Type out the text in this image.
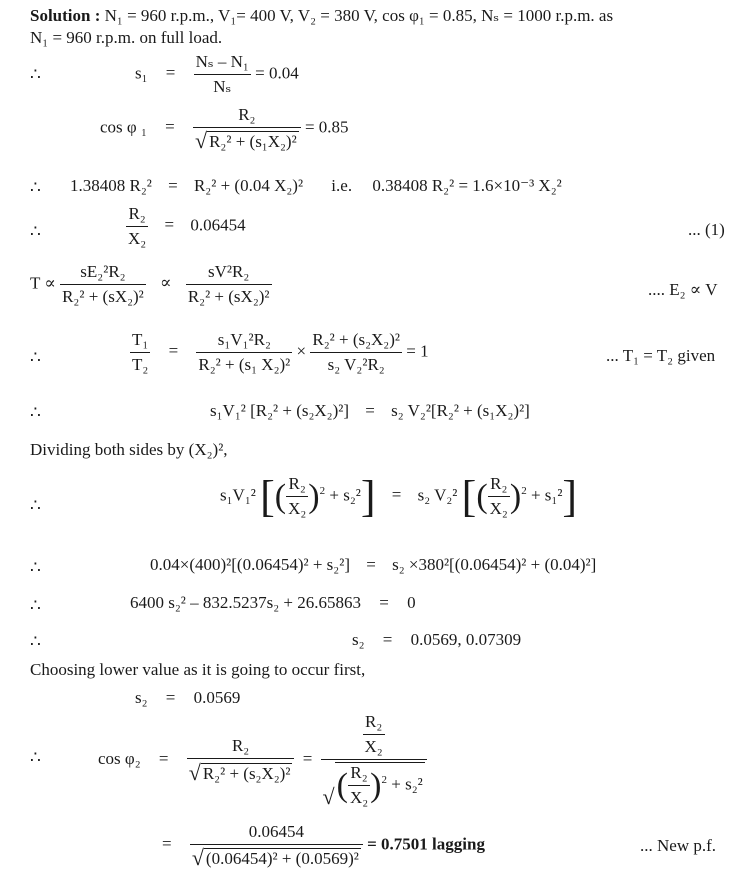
Solution : N₁ = 960 r.p.m., V₁= 400 V, V₂ = 380 V, cos φ₁ = 0.85, Nₛ = 1000 r.p.m. as
N₁ = 960 r.p.m. on full load.
∴	$s_1 = \frac{\text{Nₛ – N₁}}{\text{Nₛ}} = 0.04$
cos φ $_1 = \frac{\text{R₂}}{\text{√ R₂² + (s₁X₂)²}} = 0.85$
∴ 1.38408 R₂² = R₂² + (0.04 X₂)² i.e. 0.38408 R₂² = 1.6×10⁻³ X₂²
∴	$\frac{\text{R₂}}{\text{X₂}} = 0.06454$	... (1)
$T \propto \frac{\text{sE₂²R₂}}{\text{R₂² + (sX₂)²}} \propto \frac{\text{sV²R₂}}{\text{R₂² + (sX₂)²}}$	.... E₂ ∝ V
∴	$\frac{\text{T₁}}{\text{T₂}} = \frac{\text{s₁V₁²R₂}}{\text{R₂² + (s₁ X₂)²}} \times \frac{\text{R₂² + (s₂X₂)²}}{\text{s₂ V₂²R₂}} = 1$	... T₁ = T₂ given
∴	s₁V₁² [R₂² + (s₂X₂)²] = s₂ V₂²[R₂² + (s₁X₂)²]
Dividing both sides by (X₂)²,
∴
s₁V₁² [( $\frac{\text{R₂}}{\text{X₂}} )^2 + s_2^2] = s_2$ V₂² [( $\frac{\text{R₂}}{\text{X₂}} )^2 + s_1^2$]
∴	0.04×(400)²[(0.06454)² + s₂²] = s₂ ×380²[(0.06454)² + (0.04)²]
∴	6400 s₂² – 832.5237s₂ + 26.65863 = 0
∴	s₂ = 0.0569, 0.07309
Choosing lower value as it is going to occur first,
s₂ = 0.0569
∴	$\cos \varphi_2 = \frac{\text{R₂}}{\text{√ R₂² + (s₂X₂)²}} = \frac{\frac{\text{R₂}}{\text{X₂}}}{√( \frac{\text{R₂}}{\text{X₂}} )^2 + s_2^2}$
= $\frac{0.06454}{\text{√ (0.06454)² + (0.0569)²}} = 0.7501$ lagging	... New p.f.
